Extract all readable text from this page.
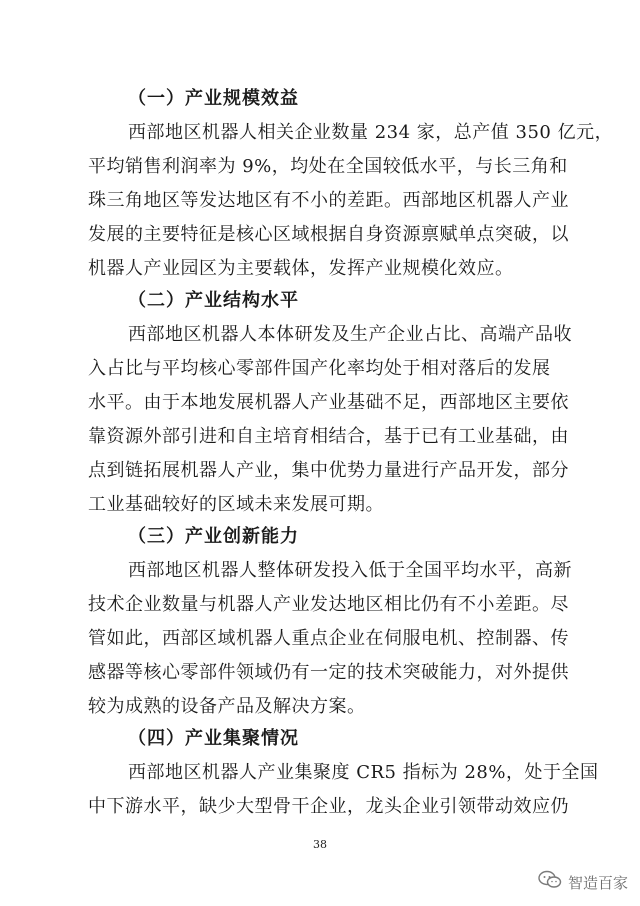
（一）产业规模效益
西部地区机器人相关企业数量 234 家，总产值 350 亿元，
平均销售利润率为 9%，均处在全国较低水平，与长三角和
珠三角地区等发达地区有不小的差距。西部地区机器人产业
发展的主要特征是核心区域根据自身资源禀赋单点突破，以
机器人产业园区为主要载体，发挥产业规模化效应。
（二）产业结构水平
西部地区机器人本体研发及生产企业占比、高端产品收
入占比与平均核心零部件国产化率均处于相对落后的发展
水平。由于本地发展机器人产业基础不足，西部地区主要依
靠资源外部引进和自主培育相结合，基于已有工业基础，由
点到链拓展机器人产业，集中优势力量进行产品开发，部分
工业基础较好的区域未来发展可期。
（三）产业创新能力
西部地区机器人整体研发投入低于全国平均水平，高新
技术企业数量与机器人产业发达地区相比仍有不小差距。尽
管如此，西部区域机器人重点企业在伺服电机、控制器、传
感器等核心零部件领域仍有一定的技术突破能力，对外提供
较为成熟的设备产品及解决方案。
（四）产业集聚情况
西部地区机器人产业集聚度 CR5 指标为 28%，处于全国
中下游水平，缺少大型骨干企业，龙头企业引领带动效应仍
38
智造百家
